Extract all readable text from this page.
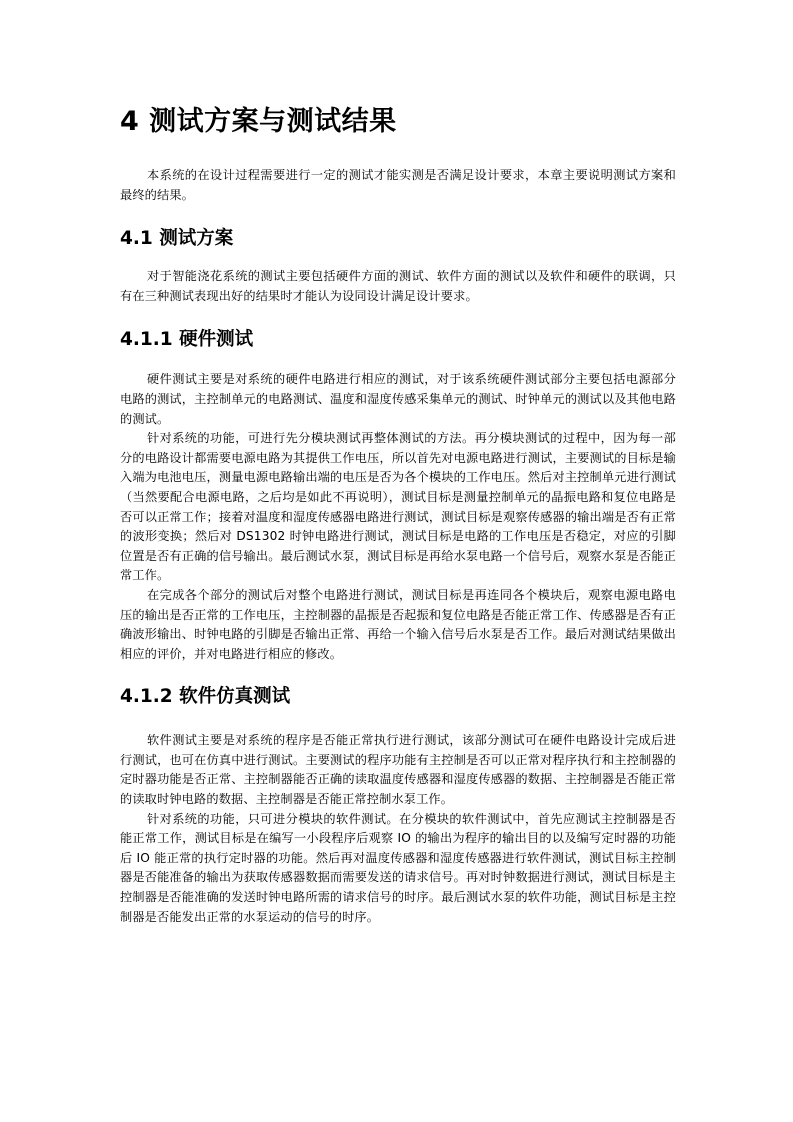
4 测试方案与测试结果

本系统的在设计过程需要进行一定的测试才能实测是否满足设计要求，本章主要说明测试方案和最终的结果。

4.1 测试方案

对于智能浇花系统的测试主要包括硬件方面的测试、软件方面的测试以及软件和硬件的联调，只有在三种测试表现出好的结果时才能认为设同设计满足设计要求。

4.1.1 硬件测试

硬件测试主要是对系统的硬件电路进行相应的测试，对于该系统硬件测试部分主要包括电源部分电路的测试，主控制单元的电路测试、温度和湿度传感采集单元的测试、时钟单元的测试以及其他电路的测试。

针对系统的功能，可进行先分模块测试再整体测试的方法。再分模块测试的过程中，因为每一部分的电路设计都需要电源电路为其提供工作电压，所以首先对电源电路进行测试，主要测试的目标是输入端为电池电压，测量电源电路输出端的电压是否为各个模块的工作电压。然后对主控制单元进行测试（当然要配合电源电路，之后均是如此不再说明），测试目标是测量控制单元的晶振电路和复位电路是否可以正常工作；接着对温度和湿度传感器电路进行测试，测试目标是观察传感器的输出端是否有正常的波形变换；然后对 DS1302 时钟电路进行测试，测试目标是电路的工作电压是否稳定，对应的引脚位置是否有正确的信号输出。最后测试水泵，测试目标是再给水泵电路一个信号后，观察水泵是否能正常工作。

在完成各个部分的测试后对整个电路进行测试，测试目标是再连同各个模块后，观察电源电路电压的输出是否正常的工作电压，主控制器的晶振是否起振和复位电路是否能正常工作、传感器是否有正确波形输出、时钟电路的引脚是否输出正常、再给一个输入信号后水泵是否工作。最后对测试结果做出相应的评价，并对电路进行相应的修改。

4.1.2 软件仿真测试

软件测试主要是对系统的程序是否能正常执行进行测试，该部分测试可在硬件电路设计完成后进行测试，也可在仿真中进行测试。主要测试的程序功能有主控制是否可以正常对程序执行和主控制器的定时器功能是否正常、主控制器能否正确的读取温度传感器和湿度传感器的数据、主控制器是否能正常的读取时钟电路的数据、主控制器是否能正常控制水泵工作。

针对系统的功能，只可进分模块的软件测试。在分模块的软件测试中，首先应测试主控制器是否能正常工作，测试目标是在编写一小段程序后观察 IO 的输出为程序的输出目的以及编写定时器的功能后 IO 能正常的执行定时器的功能。然后再对温度传感器和湿度传感器进行软件测试，测试目标主控制器是否能准备的输出为获取传感器数据而需要发送的请求信号。再对时钟数据进行测试，测试目标是主控制器是否能准确的发送时钟电路所需的请求信号的时序。最后测试水泵的软件功能，测试目标是主控制器是否能发出正常的水泵运动的信号的时序。
